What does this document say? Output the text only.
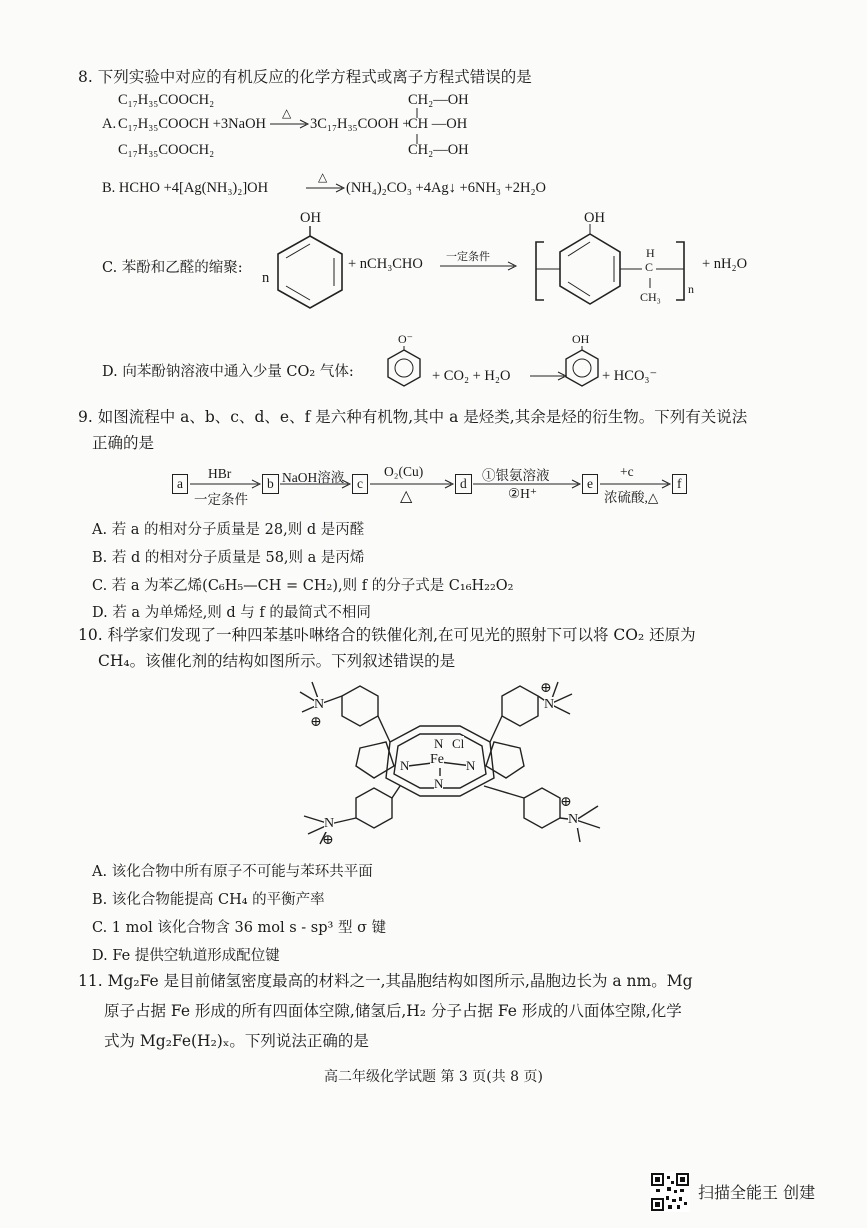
8. 下列实验中对应的有机反应的化学方程式或离子方程式错误的是
C₁₇H₃₅COOCH₂
A. C₁₇H₃₅COOCH +3NaOH
C₁₇H₃₅COOCH₂
△
3C₁₇H₃₅COOH +
CH₂—OH
CH —OH
CH₂—OH
B. HCHO +4[Ag(NH₃)₂]OH
△
(NH₄)₂CO₃ +4Ag↓ +6NH₃ +2H₂O
C. 苯酚和乙醛的缩聚:
n
OH
+ nCH₃CHO 一定条件
OH
H
C
CH₃
n
+ nH₂O
D. 向苯酚钠溶液中通入少量 CO₂ 气体:
O⁻
+ CO₂ + H₂O
OH
+ HCO₃⁻
9. 如图流程中 a、b、c、d、e、f 是六种有机物,其中 a 是烃类,其余是烃的衍生物。下列有关说法
正确的是
a
HBr
一定条件
b NaOH溶液 c
O₂(Cu)
△
d
①银氨溶液
②H⁺
e
+c
浓硫酸,△
f
A. 若 a 的相对分子质量是 28,则 d 是丙醛
B. 若 d 的相对分子质量是 58,则 a 是丙烯
C. 若 a 为苯乙烯(C₆H₅—CH = CH₂),则 f 的分子式是 C₁₆H₂₂O₂
D. 若 a 为单烯烃,则 d 与 f 的最简式不相同
10. 科学家们发现了一种四苯基卟啉络合的铁催化剂,在可见光的照射下可以将 CO₂ 还原为
CH₄。该催化剂的结构如图所示。下列叙述错误的是
Fe
Cl
N
N	N
N
N
⊕
N
⊕
N
⊕
N
⊕
A. 该化合物中所有原子不可能与苯环共平面
B. 该化合物能提高 CH₄ 的平衡产率
C. 1 mol 该化合物含 36 mol s - sp³ 型 σ 键
D. Fe 提供空轨道形成配位键
11. Mg₂Fe 是目前储氢密度最高的材料之一,其晶胞结构如图所示,晶胞边长为 a nm。Mg
原子占据 Fe 形成的所有四面体空隙,储氢后,H₂ 分子占据 Fe 形成的八面体空隙,化学
式为 Mg₂Fe(H₂)ₓ。下列说法正确的是
高二年级化学试题 第 3 页(共 8 页)
扫描全能王 创建
